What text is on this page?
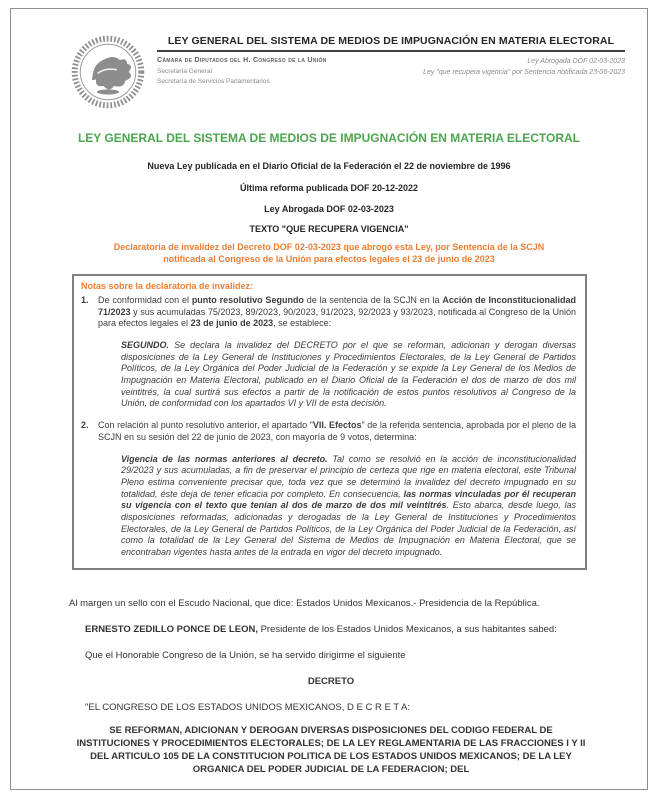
LEY GENERAL DEL SISTEMA DE MEDIOS DE IMPUGNACIÓN EN MATERIA ELECTORAL
Cámara de Diputados del H. Congreso de la Unión
Secretaría General
Secretaría de Servicios Parlamentarios
Ley Abrogada DOF 02-03-2023
Ley "que recupera vigencia" por Sentencia notificada 23-06-2023
LEY GENERAL DEL SISTEMA DE MEDIOS DE IMPUGNACIÓN EN MATERIA ELECTORAL
Nueva Ley publicada en el Diario Oficial de la Federación el 22 de noviembre de 1996
Última reforma publicada DOF 20-12-2022
Ley Abrogada DOF 02-03-2023
TEXTO "QUE RECUPERA VIGENCIA"
Declaratoria de invalidez del Decreto DOF 02-03-2023 que abrogó esta Ley, por Sentencia de la SCJN
notificada al Congreso de la Unión para efectos legales el 23 de junio de 2023
Notas sobre la declaratoria de invalidez:
1.	De conformidad con el punto resolutivo Segundo de la sentencia de la SCJN en la Acción de Inconstitucionalidad 71/2023 y sus acumuladas 75/2023, 89/2023, 90/2023, 91/2023, 92/2023 y 93/2023, notificada al Congreso de la Unión para efectos legales el 23 de junio de 2023, se establece:
SEGUNDO. Se declara la invalidez del DECRETO por el que se reforman, adicionan y derogan diversas disposiciones de la Ley General de Instituciones y Procedimientos Electorales, de la Ley General de Partidos Políticos, de la Ley Orgánica del Poder Judicial de la Federación y se expide la Ley General de los Medios de Impugnación en Materia Electoral, publicado en el Diario Oficial de la Federación el dos de marzo de dos mil veintitrés, la cual surtirá sus efectos a partir de la notificación de estos puntos resolutivos al Congreso de la Unión, de conformidad con los apartados VI y VII de esta decisión.
2.	Con relación al punto resolutivo anterior, el apartado "VII. Efectos" de la referida sentencia, aprobada por el pleno de la SCJN en su sesión del 22 de junio de 2023, con mayoría de 9 votos, determina:
Vigencia de las normas anteriores al decreto. Tal como se resolvió en la acción de inconstitucionalidad 29/2023 y sus acumuladas, a fin de preservar el principio de certeza que rige en materia electoral, este Tribunal Pleno estima conveniente precisar que, toda vez que se determinó la invalidez del decreto impugnado en su totalidad, éste deja de tener eficacia por completo. En consecuencia, las normas vinculadas por él recuperan su vigencia con el texto que tenían al dos de marzo de dos mil veintitrés. Esto abarca, desde luego, las disposiciones reformadas, adicionadas y derogadas de la Ley General de Instituciones y Procedimientos Electorales, de la Ley General de Partidos Políticos, de la Ley Orgánica del Poder Judicial de la Federación, así como la totalidad de la Ley General del Sistema de Medios de Impugnación en Materia Electoral, que se encontraban vigentes hasta antes de la entrada en vigor del decreto impugnado.
Al margen un sello con el Escudo Nacional, que dice: Estados Unidos Mexicanos.- Presidencia de la República.
ERNESTO ZEDILLO PONCE DE LEON, Presidente de los Estados Unidos Mexicanos, a sus habitantes sabed:
Que el Honorable Congreso de la Unión, se ha servido dirigirme el siguiente
DECRETO
"EL CONGRESO DE LOS ESTADOS UNIDOS MEXICANOS, D E C R E T A:
SE REFORMAN, ADICIONAN Y DEROGAN DIVERSAS DISPOSICIONES DEL CODIGO FEDERAL DE INSTITUCIONES Y PROCEDIMIENTOS ELECTORALES; DE LA LEY REGLAMENTARIA DE LAS FRACCIONES I Y II DEL ARTICULO 105 DE LA CONSTITUCION POLITICA DE LOS ESTADOS UNIDOS MEXICANOS; DE LA LEY ORGANICA DEL PODER JUDICIAL DE LA FEDERACION; DEL
